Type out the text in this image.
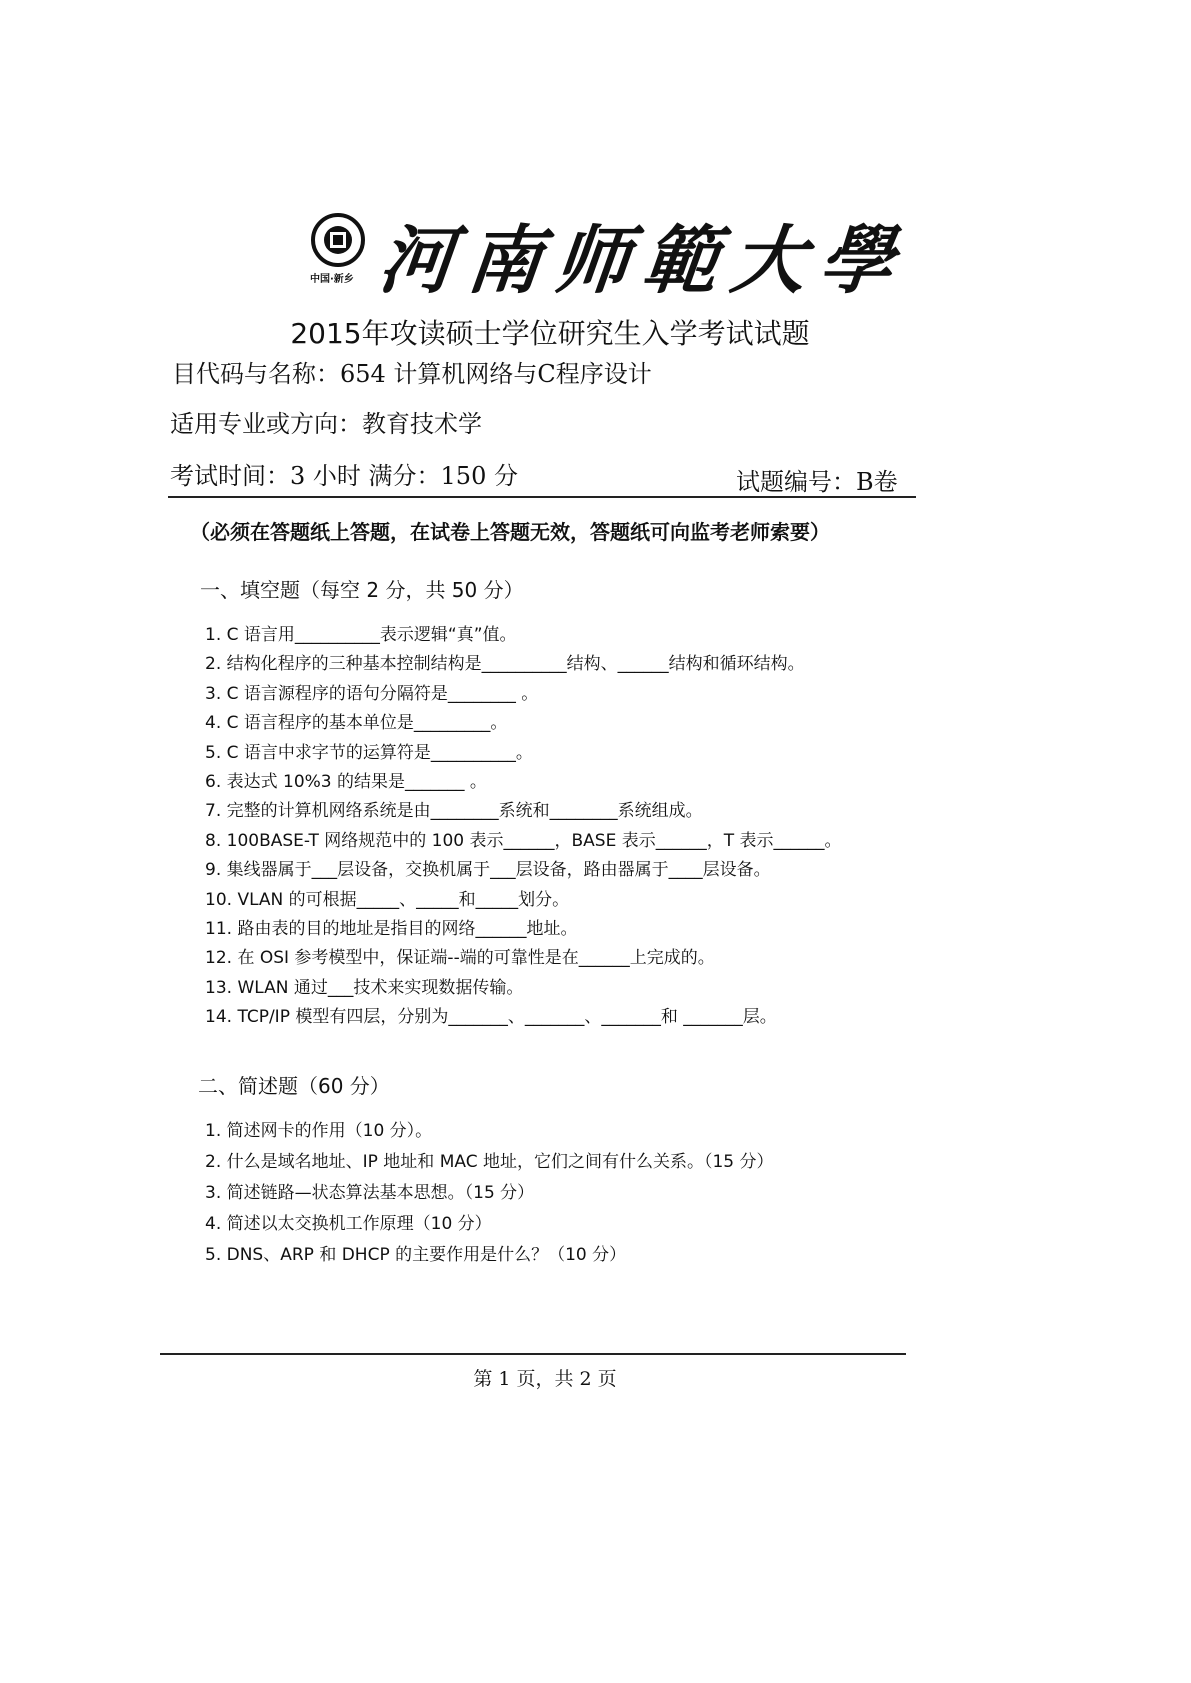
中国·新乡 河南师範大學
2015年攻读硕士学位研究生入学考试试题
目代码与名称：654 计算机网络与C程序设计
适用专业或方向：教育技术学
考试时间：3 小时 满分：150 分	试题编号：B卷
（必须在答题纸上答题，在试卷上答题无效，答题纸可向监考老师索要）
一、填空题（每空 2 分，共 50 分）
1. C 语言用__________表示逻辑“真”值。
2. 结构化程序的三种基本控制结构是__________结构、______结构和循环结构。
3. C 语言源程序的语句分隔符是________ 。
4. C 语言程序的基本单位是_________。
5. C 语言中求字节的运算符是__________。
6. 表达式 10%3 的结果是_______ 。
7. 完整的计算机网络系统是由________系统和________系统组成。
8. 100BASE-T 网络规范中的 100 表示______，BASE 表示______，T 表示______。
9. 集线器属于___层设备，交换机属于___层设备，路由器属于____层设备。
10. VLAN 的可根据_____、_____和_____划分。
11. 路由表的目的地址是指目的网络______地址。
12. 在 OSI 参考模型中，保证端--端的可靠性是在______上完成的。
13. WLAN 通过___技术来实现数据传输。
14. TCP/IP 模型有四层，分别为_______、_______、_______和 _______层。
二、简述题（60 分）
1. 简述网卡的作用（10 分）。
2. 什么是域名地址、IP 地址和 MAC 地址，它们之间有什么关系。（15 分）
3. 简述链路—状态算法基本思想。（15 分）
4. 简述以太交换机工作原理（10 分）
5. DNS、ARP 和 DHCP 的主要作用是什么？（10 分）
第 1 页，共 2 页
